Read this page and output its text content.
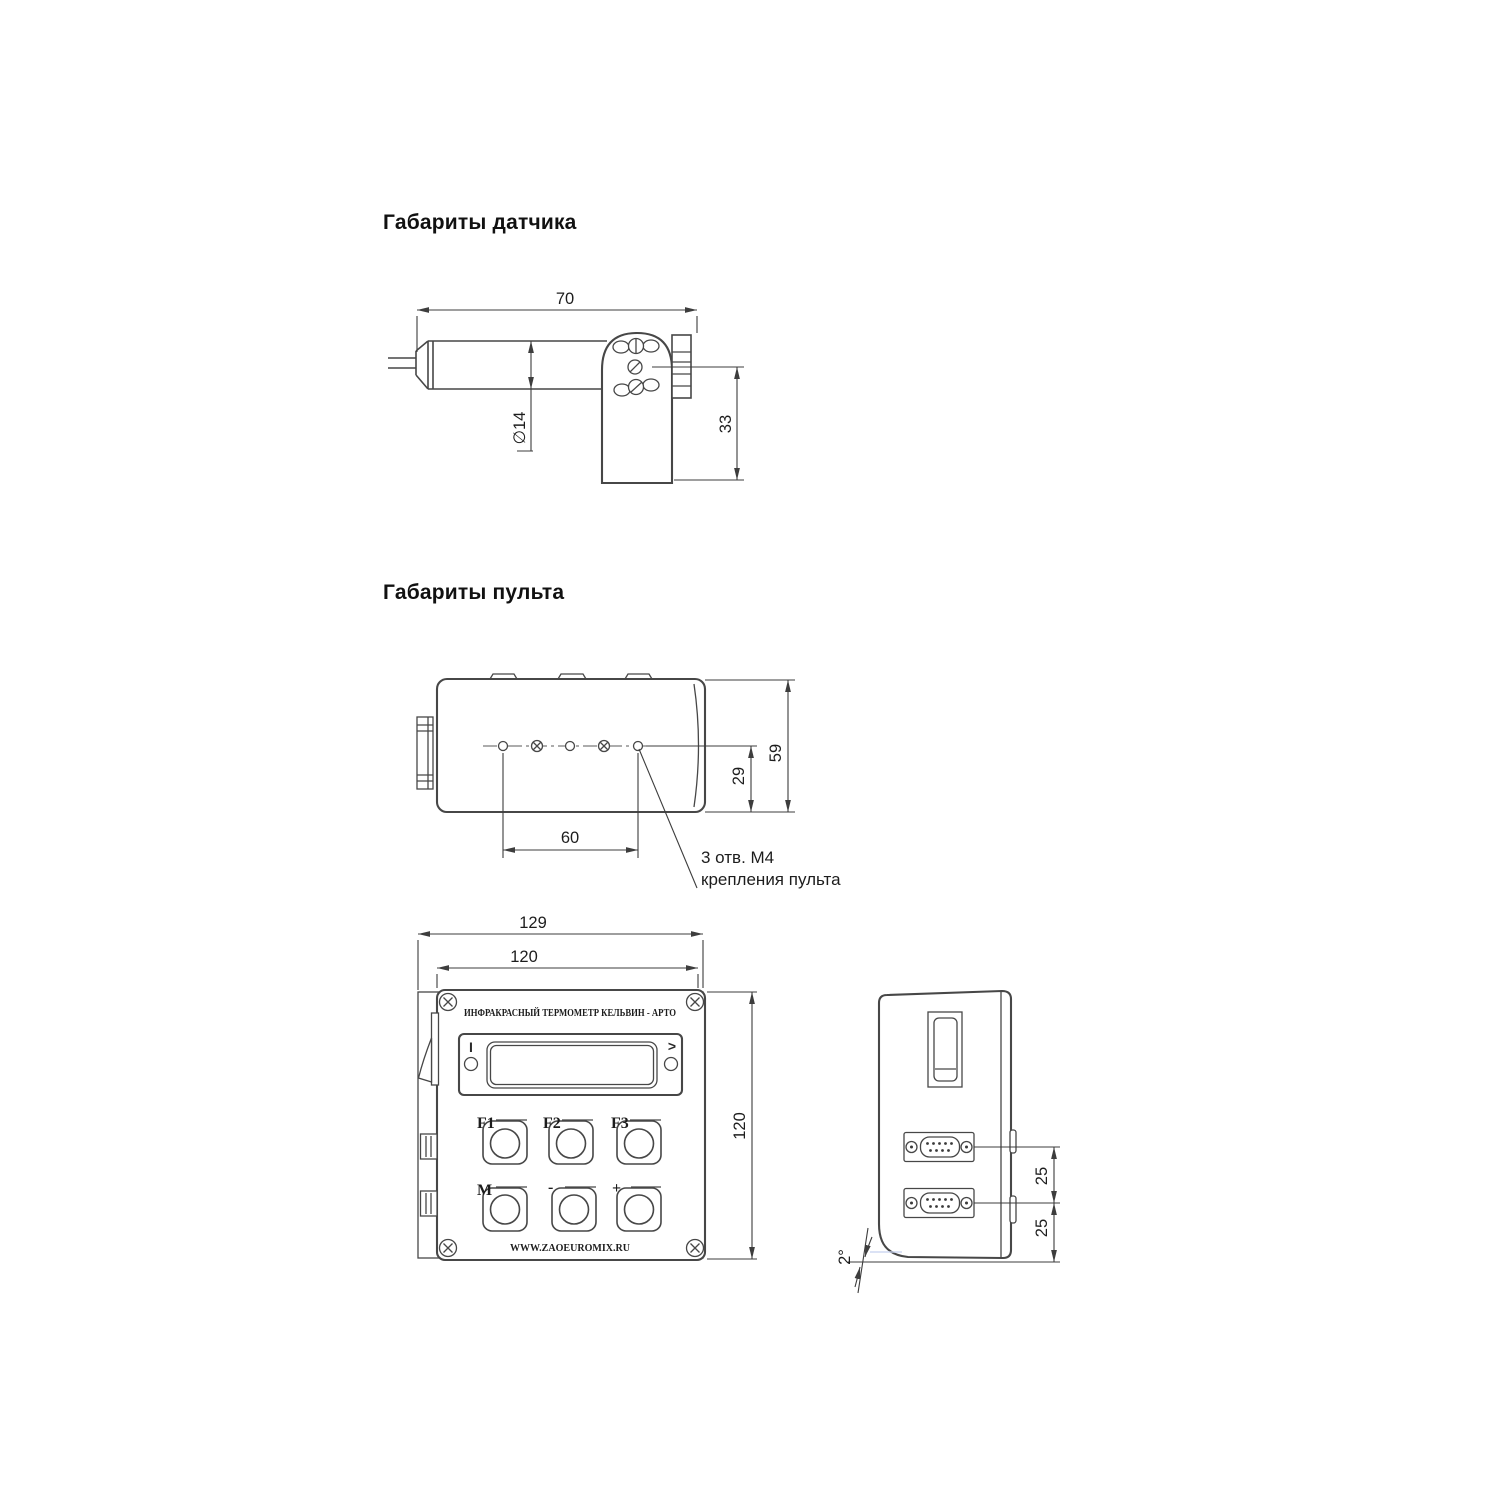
Габариты датчика
Габариты пульта
70
∅14	33
60
29
59
3 отв. М4
крепления пульта
ИНФРАКРАСНЫЙ ТЕРМОМЕТР КЕЛЬВИН - АРТО
I	>
F1	F2	F3
M	-	+
WWW.ZAOEUROMIX.RU
129
120
120
25
25
2°
